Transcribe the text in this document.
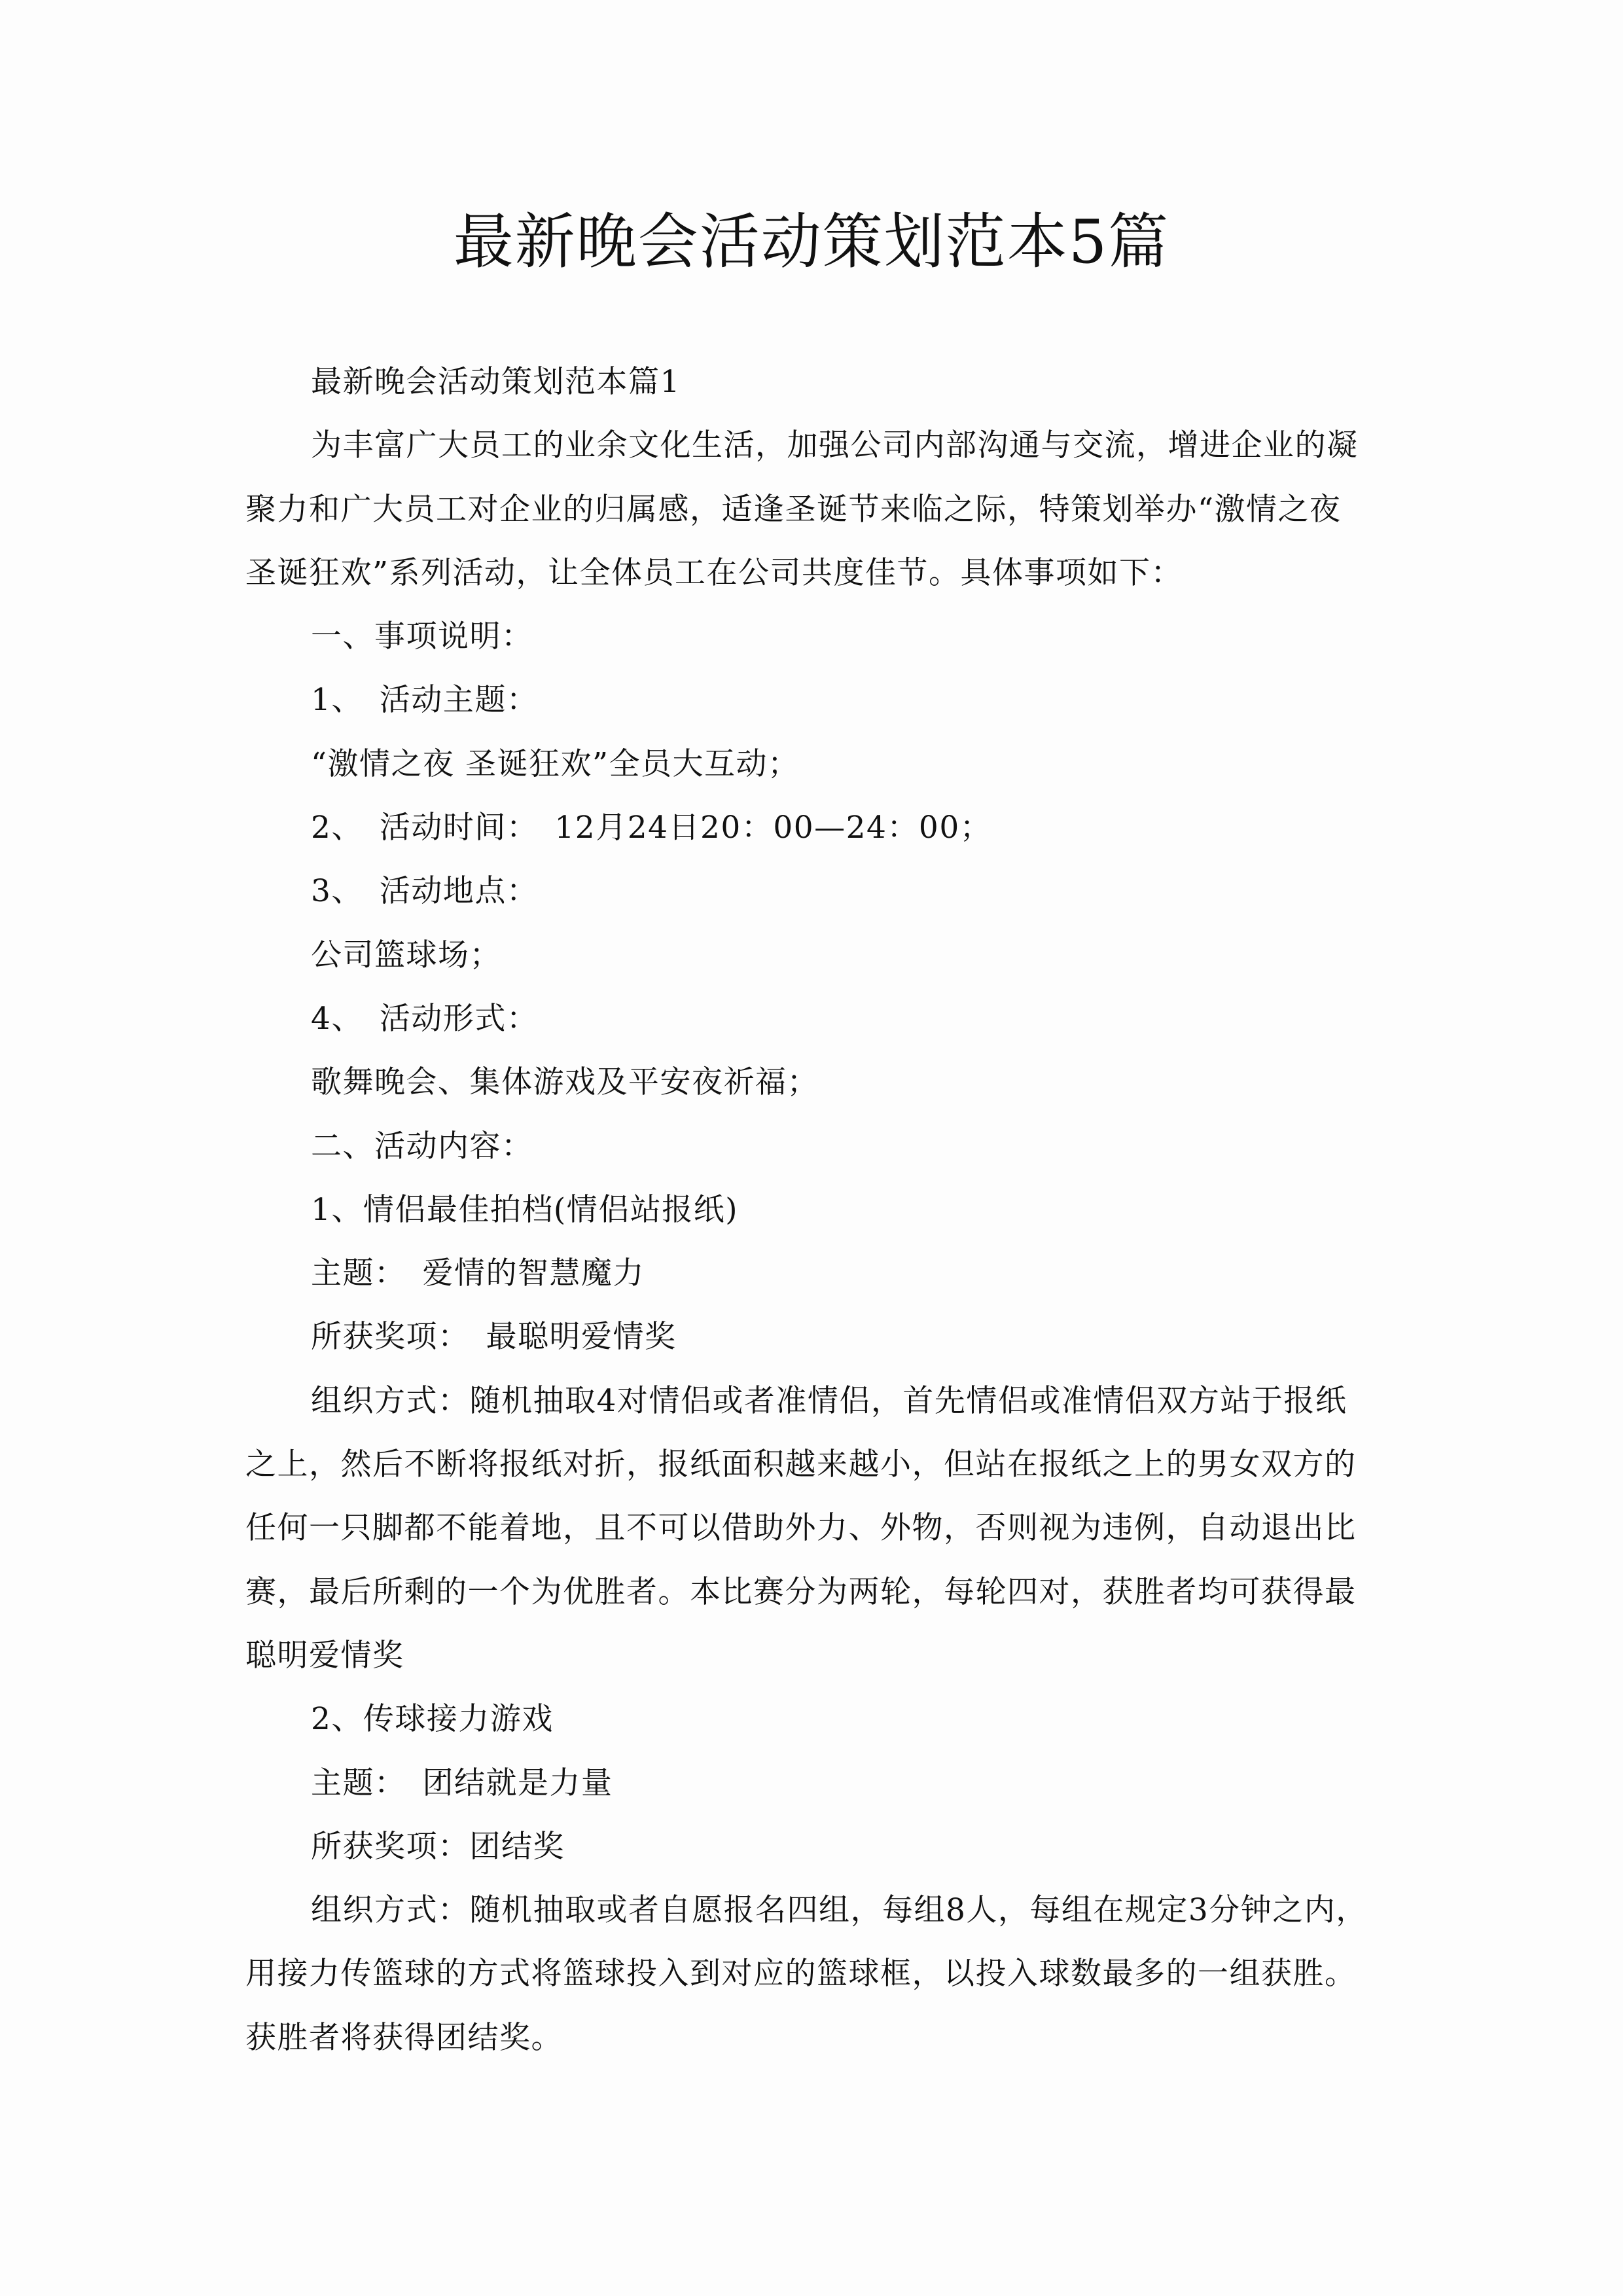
最新晚会活动策划范本5篇

最新晚会活动策划范本篇1

为丰富广大员工的业余文化生活，加强公司内部沟通与交流，增进企业的凝

聚力和广大员工对企业的归属感，适逢圣诞节来临之际，特策划举办“激情之夜

圣诞狂欢”系列活动，让全体员工在公司共度佳节。具体事项如下：

一、事项说明：

1、　活动主题：

“激情之夜 圣诞狂欢”全员大互动；

2、　活动时间：　12月24日20：00—24：00；

3、　活动地点：

公司篮球场；

4、　活动形式：

歌舞晚会、集体游戏及平安夜祈福；

二、活动内容：

1、情侣最佳拍档(情侣站报纸)

主题：　爱情的智慧魔力

所获奖项：　最聪明爱情奖

组织方式：随机抽取4对情侣或者准情侣，首先情侣或准情侣双方站于报纸

之上，然后不断将报纸对折，报纸面积越来越小，但站在报纸之上的男女双方的

任何一只脚都不能着地，且不可以借助外力、外物，否则视为违例，自动退出比

赛，最后所剩的一个为优胜者。本比赛分为两轮，每轮四对，获胜者均可获得最

聪明爱情奖

2、传球接力游戏

主题：　团结就是力量

所获奖项：团结奖

组织方式：随机抽取或者自愿报名四组，每组8人，每组在规定3分钟之内，

用接力传篮球的方式将篮球投入到对应的篮球框，以投入球数最多的一组获胜。

获胜者将获得团结奖。
